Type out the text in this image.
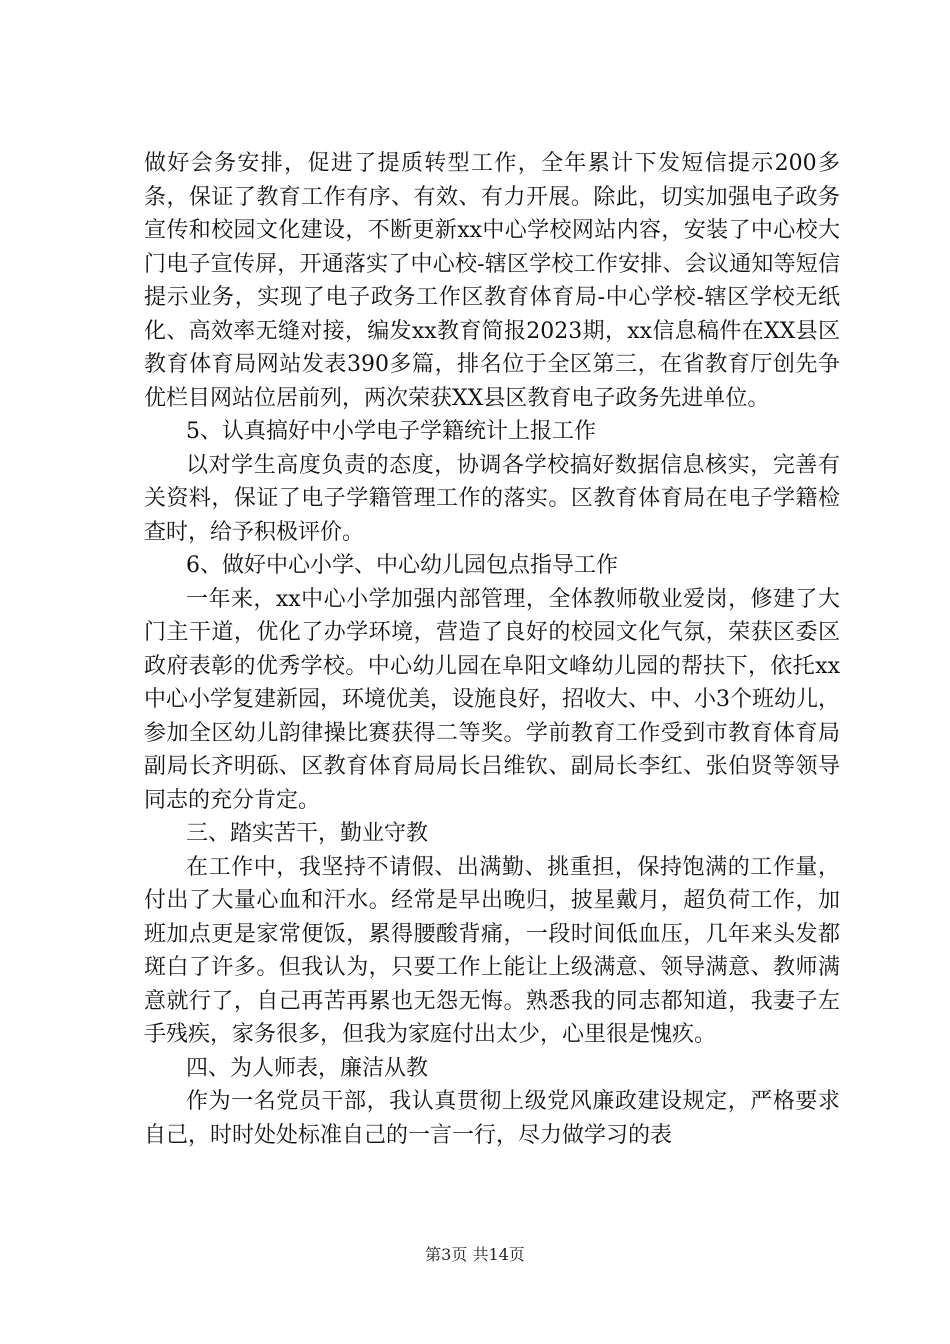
做好会务安排，促进了提质转型工作，全年累计下发短信提示200多条，保证了教育工作有序、有效、有力开展。除此，切实加强电子政务宣传和校园文化建设，不断更新xx中心学校网站内容，安装了中心校大门电子宣传屏，开通落实了中心校-辖区学校工作安排、会议通知等短信提示业务，实现了电子政务工作区教育体育局-中心学校-辖区学校无纸化、高效率无缝对接，编发xx教育简报2023期，xx信息稿件在XX县区教育体育局网站发表390多篇，排名位于全区第三，在省教育厅创先争优栏目网站位居前列，两次荣获XX县区教育电子政务先进单位。

5、认真搞好中小学电子学籍统计上报工作

以对学生高度负责的态度，协调各学校搞好数据信息核实，完善有关资料，保证了电子学籍管理工作的落实。区教育体育局在电子学籍检查时，给予积极评价。

6、做好中心小学、中心幼儿园包点指导工作

一年来，xx中心小学加强内部管理，全体教师敬业爱岗，修建了大门主干道，优化了办学环境，营造了良好的校园文化气氛，荣获区委区政府表彰的优秀学校。中心幼儿园在阜阳文峰幼儿园的帮扶下，依托xx中心小学复建新园，环境优美，设施良好，招收大、中、小3个班幼儿，参加全区幼儿韵律操比赛获得二等奖。学前教育工作受到市教育体育局副局长齐明砾、区教育体育局局长吕维钦、副局长李红、张伯贤等领导同志的充分肯定。

三、踏实苦干，勤业守教

在工作中，我坚持不请假、出满勤、挑重担，保持饱满的工作量，付出了大量心血和汗水。经常是早出晚归，披星戴月，超负荷工作，加班加点更是家常便饭，累得腰酸背痛，一段时间低血压，几年来头发都斑白了许多。但我认为，只要工作上能让上级满意、领导满意、教师满意就行了，自己再苦再累也无怨无悔。熟悉我的同志都知道，我妻子左手残疾，家务很多，但我为家庭付出太少，心里很是愧疚。

四、为人师表，廉洁从教

作为一名党员干部，我认真贯彻上级党风廉政建设规定，严格要求自己，时时处处标准自己的一言一行，尽力做学习的表

第3页 共14页
